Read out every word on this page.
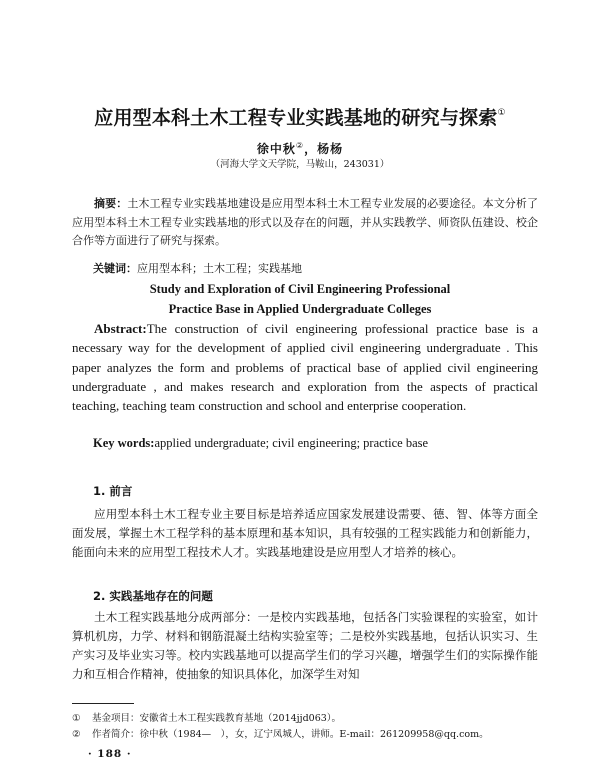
应用型本科土木工程专业实践基地的研究与探索①
徐中秋②，杨杨
（河海大学文天学院，马鞍山，243031）
摘要：土木工程专业实践基地建设是应用型本科土木工程专业发展的必要途径。本文分析了应用型本科土木工程专业实践基地的形式以及存在的问题，并从实践教学、师资队伍建设、校企合作等方面进行了研究与探索。
关键词：应用型本科；土木工程；实践基地
Study and Exploration of Civil Engineering Professional
Practice Base in Applied Undergraduate Colleges
Abstract:The construction of civil engineering professional practice base is a necessary way for the development of applied civil engineering undergraduate . This paper analyzes the form and problems of practical base of applied civil engineering undergraduate , and makes research and exploration from the aspects of practical teaching, teaching team construction and school and enterprise cooperation.
Key words:applied undergraduate; civil engineering; practice base
1. 前言
应用型本科土木工程专业主要目标是培养适应国家发展建设需要、德、智、体等方面全面发展，掌握土木工程学科的基本原理和基本知识，具有较强的工程实践能力和创新能力，能面向未来的应用型工程技术人才。实践基地建设是应用型人才培养的核心。
2. 实践基地存在的问题
土木工程实践基地分成两部分：一是校内实践基地，包括各门实验课程的实验室，如计算机机房，力学、材料和钢筋混凝土结构实验室等；二是校外实践基地，包括认识实习、生产实习及毕业实习等。校内实践基地可以提高学生们的学习兴趣，增强学生们的实际操作能力和互相合作精神，使抽象的知识具体化，加深学生对知
① 基金项目：安徽省土木工程实践教育基地（2014jjd063）。
② 作者简介：徐中秋（1984—　），女，辽宁凤城人，讲师。E-mail：261209958@qq.com。
· 188 ·
